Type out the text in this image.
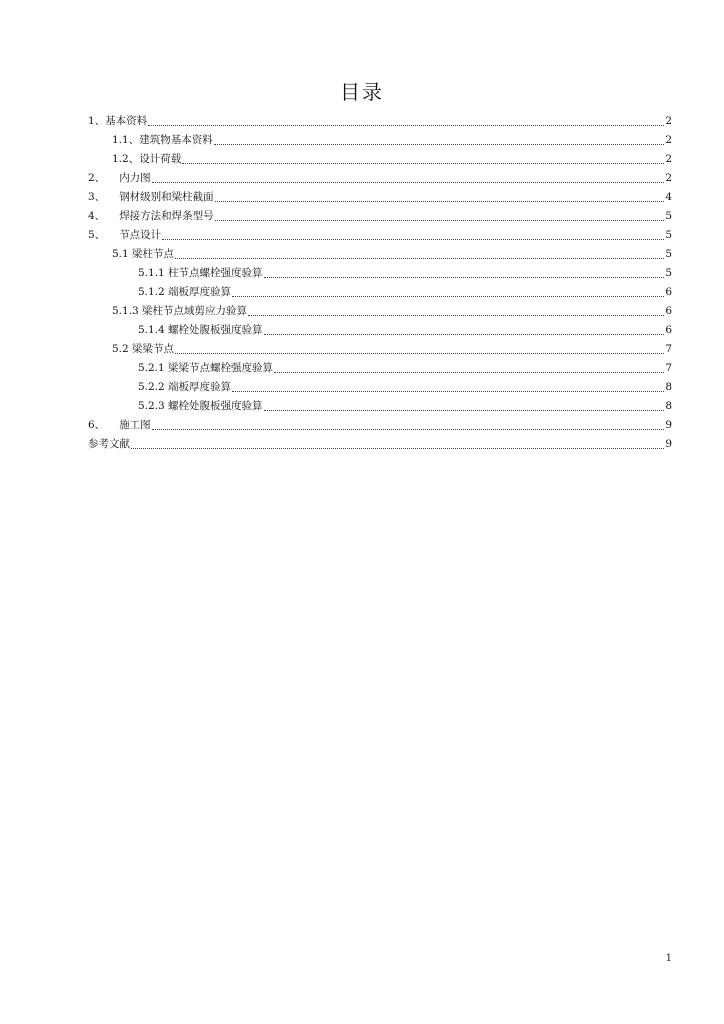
目录
1、基本资料	2
1.1、建筑物基本资料	2
1.2、设计荷载	2
2、 内力图	2
3、 钢材级别和梁柱截面	4
4、 焊接方法和焊条型号	5
5、 节点设计	5
5.1 梁柱节点	5
5.1.1 柱节点螺栓强度验算	5
5.1.2 端板厚度验算	6
5.1.3 梁柱节点域剪应力验算	6
5.1.4 螺栓处腹板强度验算	6
5.2 梁梁节点	7
5.2.1 梁梁节点螺栓强度验算	7
5.2.2 端板厚度验算	8
5.2.3 螺栓处腹板强度验算	8
6、 施工图	9
参考文献	9
1
